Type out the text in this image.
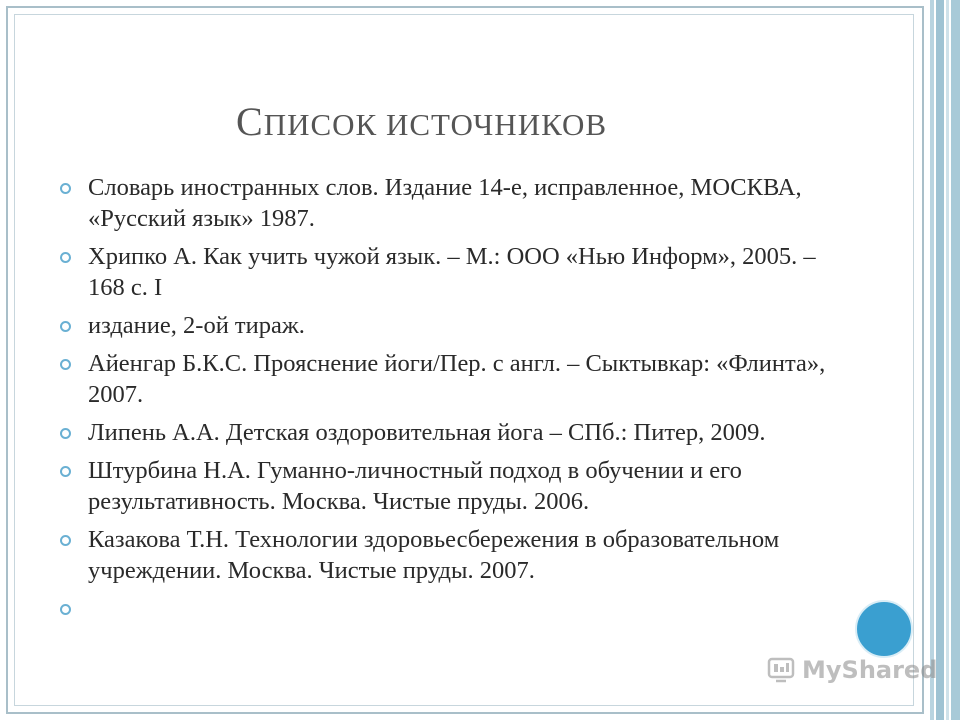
СПИСОК ИСТОЧНИКОВ
Словарь иностранных слов. Издание 14-е, исправленное, МОСКВА, «Русский язык» 1987.
Хрипко А. Как учить чужой язык. – М.: ООО «Нью Информ», 2005. – 168 с. I
издание, 2-ой тираж.
Айенгар Б.К.С. Прояснение йоги/Пер. с англ. – Сыктывкар: «Флинта», 2007.
Липень А.А. Детская оздоровительная йога – СПб.: Питер, 2009.
Штурбина Н.А. Гуманно-личностный подход в обучении и его результативность. Москва. Чистые пруды. 2006.
Казакова Т.Н. Технологии здоровьесбережения в образовательном учреждении. Москва. Чистые пруды. 2007.
MyShared
